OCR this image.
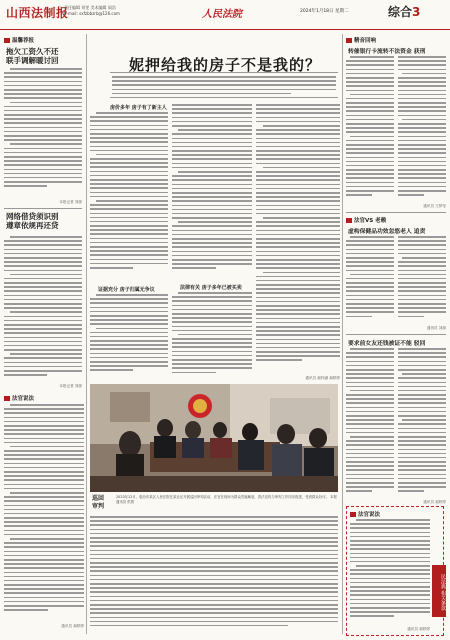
山西法制报
责任编辑 刘雯 美术编辑 阎浩
E-mail: sxfzbbzrb@126.com	人民法院	2024年1月18日 星期二	综合3
温馨荐报
拖欠工资久不还
联手调解暖讨回
本报记者 刘源
网络借贷须识别
遵章依规再还贷
本报记者 刘源
法官说法
通讯员 郝婷婷
妮押给我的房子不是我的？
房价多年 房子有了新主人
证据充分 房子归属无争议	法律有关 房子多年已被买卖
通讯员 郝梓涵 郝婷婷
巡回
审判
2023年12月，临汾市某区人民法院在某社区开展巡回审判活动，法官在现场为群众答疑解惑，普法宣传与审判工作同步推进，受到群众好评。 本报通讯员 供图
精音回响
转催银行卡流转不法资金 获刑
通讯员 王梦莹
法官VS 老赖
虚构保健品功效忽悠老人 追责
通讯员 刘源
要求前女友还钱被证不能 驳回
通讯员 郝婷婷
法官说法
通讯员 郝婷婷
民法典 相关条款
